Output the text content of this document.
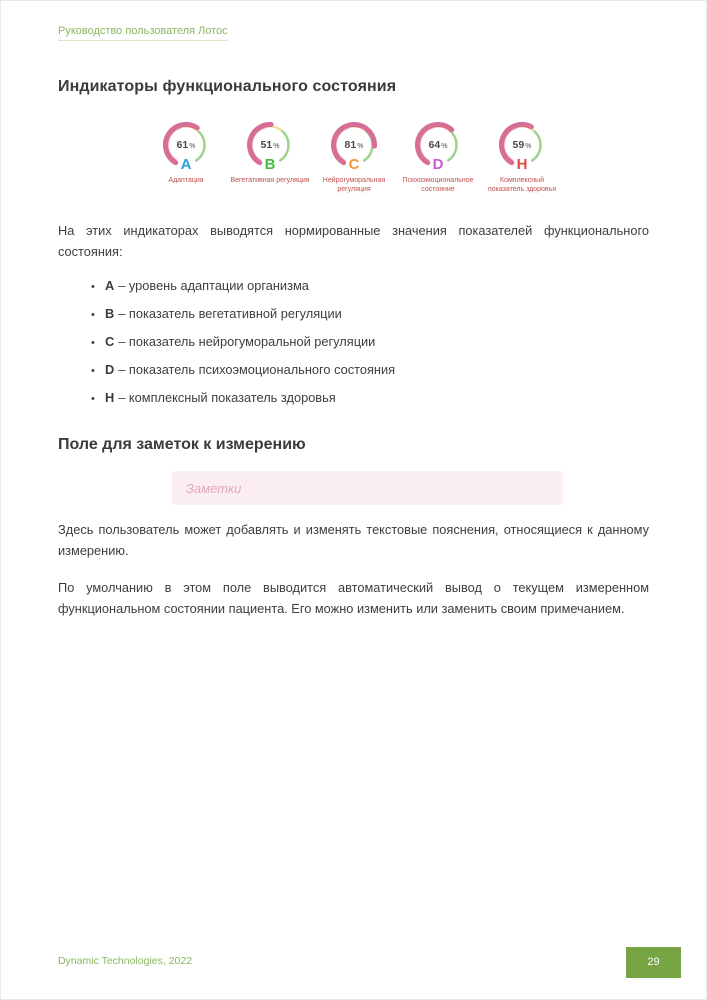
Руководство пользователя Лотос
Индикаторы функционального состояния
61%
A
Адаптация
51%
B
Вегетативная регуляция
81%
C
Нейрогуморальная регуляция
64%
D
Психоэмоциональное состояние
59%
H
Комплексный показатель здоровья

На этих индикаторах выводятся нормированные значения показателей функционального состояния:

• A – уровень адаптации организма
• B – показатель вегетативной регуляции
• C – показатель нейрогуморальной регуляции
• D – показатель психоэмоционального состояния
• H – комплексный показатель здоровья
Поле для заметок к измерению
Заметки

Здесь пользователь может добавлять и изменять текстовые пояснения, относящиеся к данному измерению.

По умолчанию в этом поле выводится автоматический вывод о текущем измеренном функциональном состоянии пациента. Его можно изменить или заменить своим примечанием.

Dynamic Technologies, 2022	29
